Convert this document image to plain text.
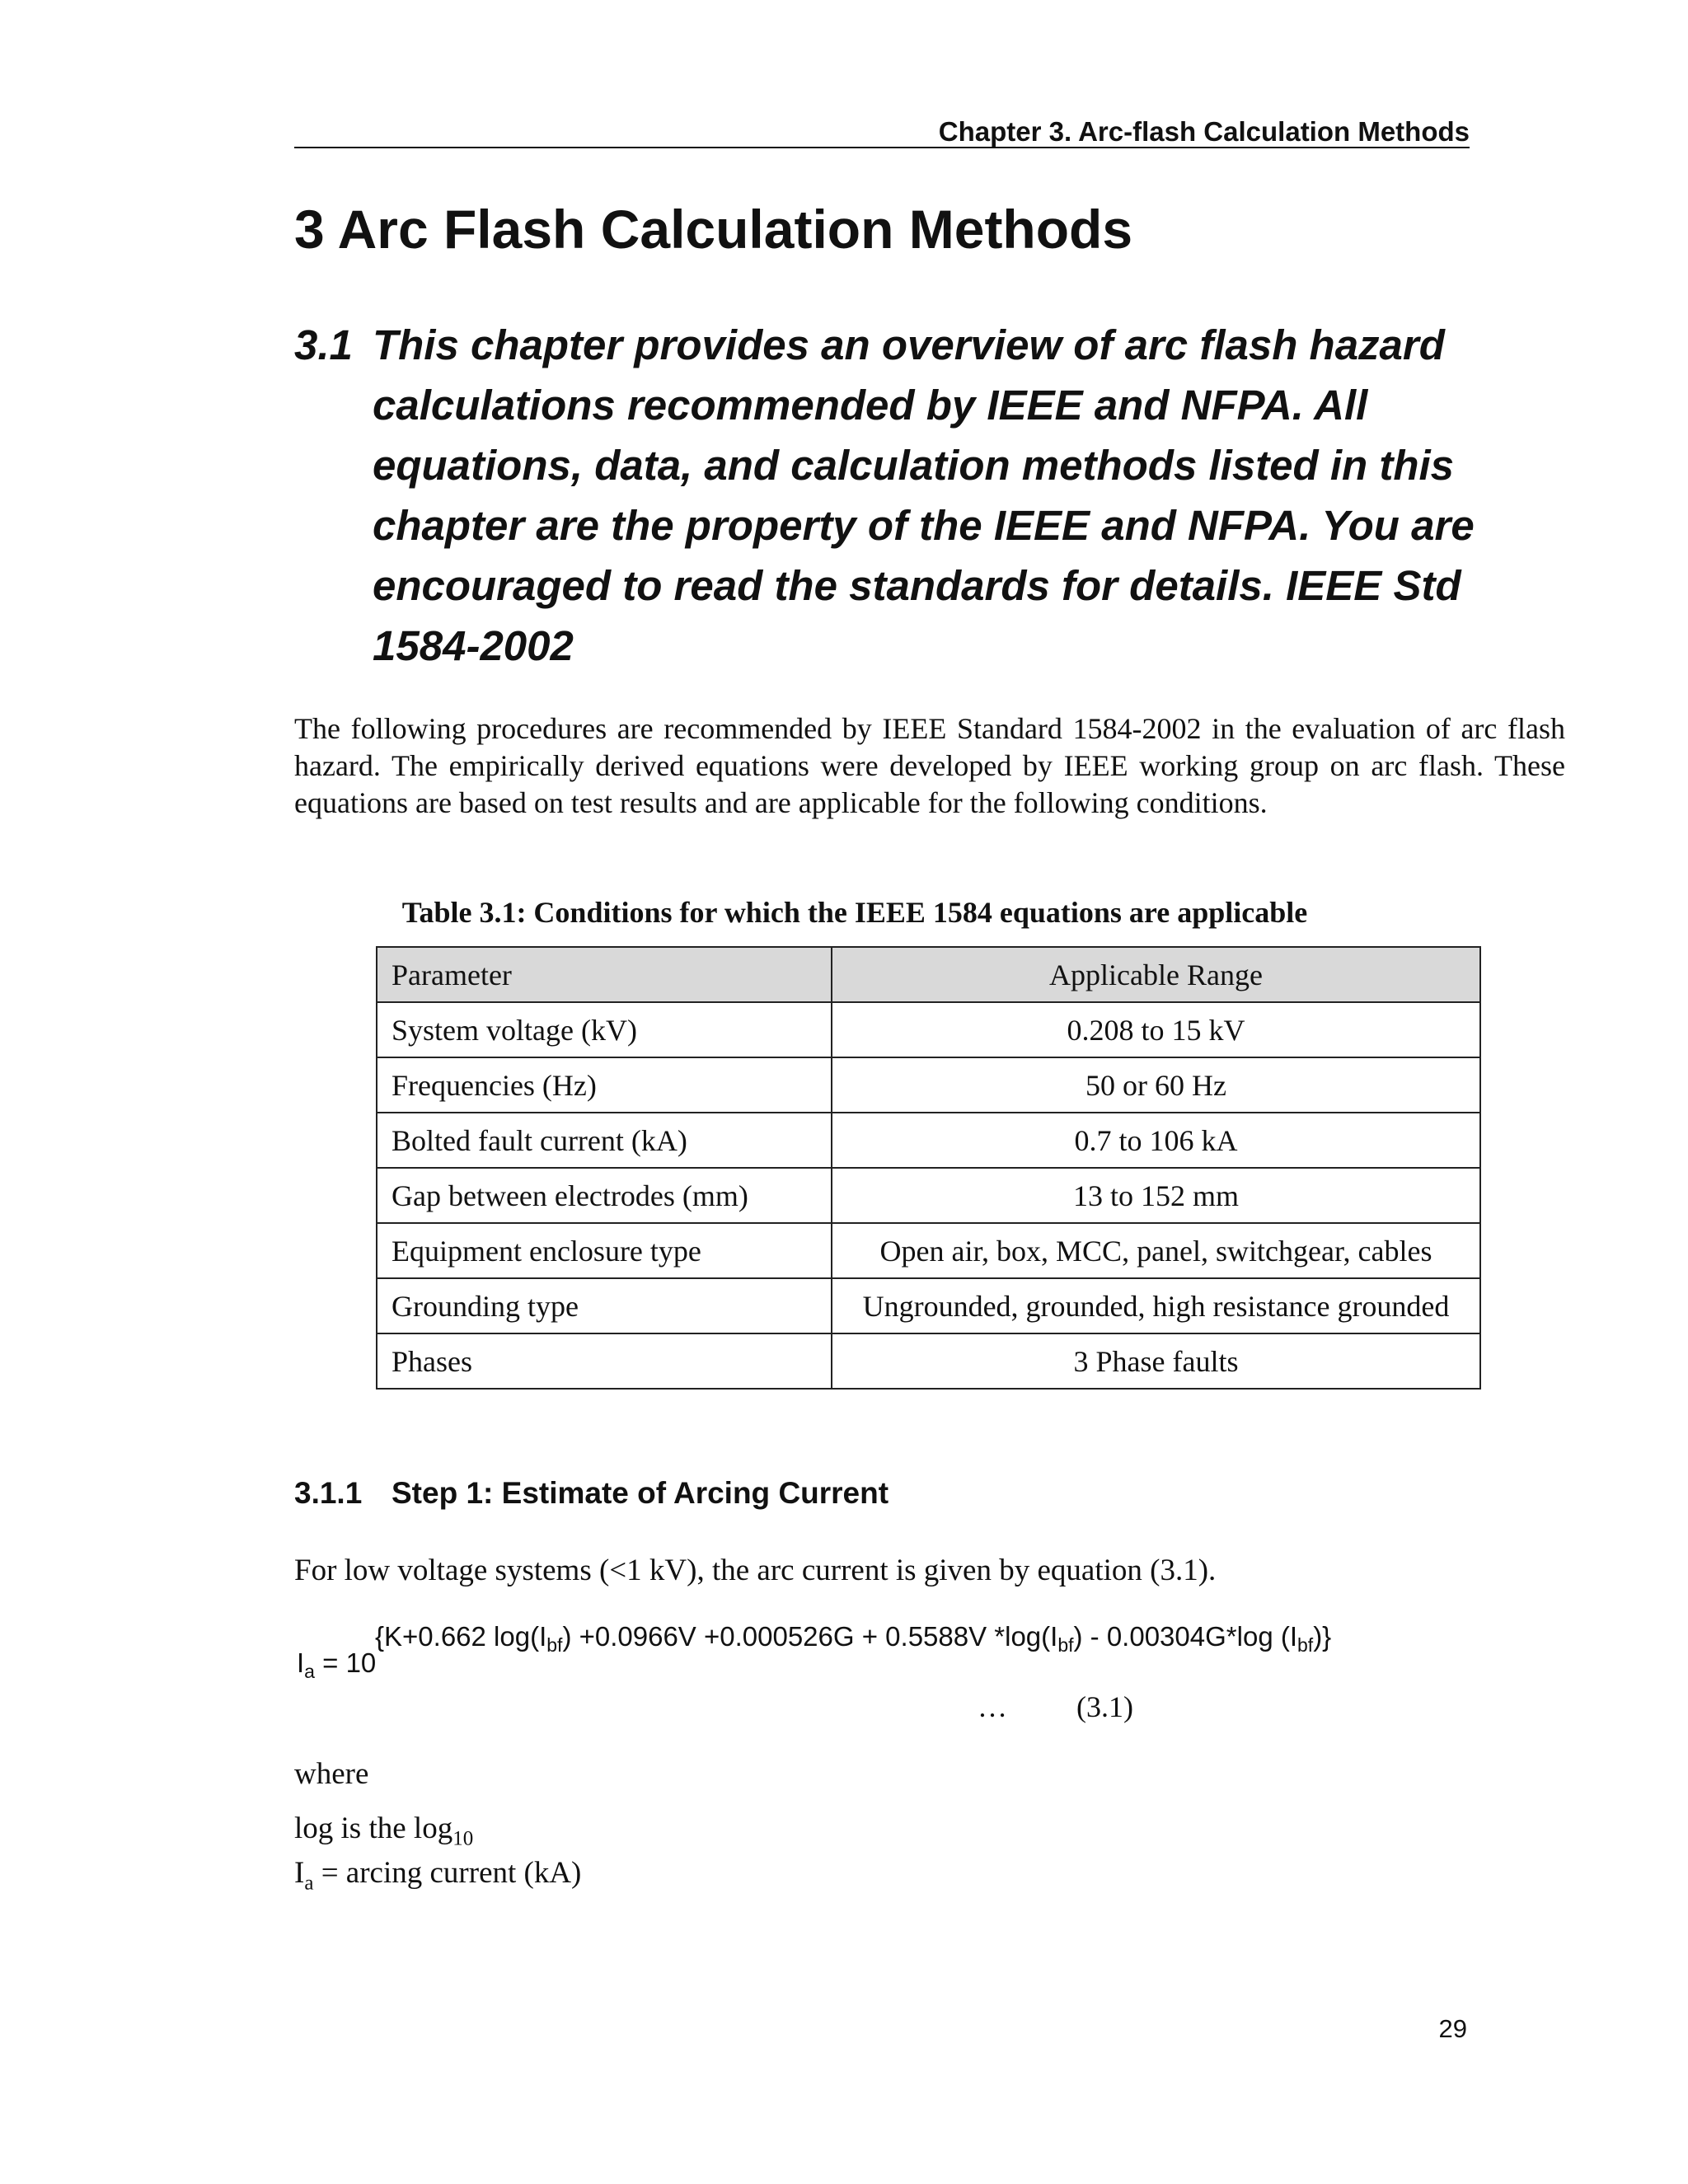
Chapter 3. Arc-flash Calculation Methods
3 Arc Flash Calculation Methods
3.1 This chapter provides an overview of arc flash hazard calculations recommended by IEEE and NFPA. All equations, data, and calculation methods listed in this chapter are the property of the IEEE and NFPA. You are encouraged to read the standards for details. IEEE Std 1584-2002

The following procedures are recommended by IEEE Standard 1584-2002 in the evaluation of arc flash hazard. The empirically derived equations were developed by IEEE working group on arc flash. These equations are based on test results and are applicable for the following conditions.

Table 3.1: Conditions for which the IEEE 1584 equations are applicable
Parameter	Applicable Range
System voltage (kV)	0.208 to 15 kV
Frequencies (Hz)	50 or 60 Hz
Bolted fault current (kA)	0.7 to 106 kA
Gap between electrodes (mm)	13 to 152 mm
Equipment enclosure type	Open air, box, MCC, panel, switchgear, cables
Grounding type	Ungrounded, grounded, high resistance grounded
Phases	3 Phase faults
3.1.1 Step 1: Estimate of Arcing Current

For low voltage systems (<1 kV), the arc current is given by equation (3.1).

$I_a = 10$
{K+0.662 $\log(I_{bf}) +0.0966V +0.000526G + 0.5588V$ $*\log(I_{bf}) - 0.00304G*\log$ $(I_{bf})$}
… (3.1)

where

log is the $\log_{10}$

$I_a$ = arcing current (kA)

29
